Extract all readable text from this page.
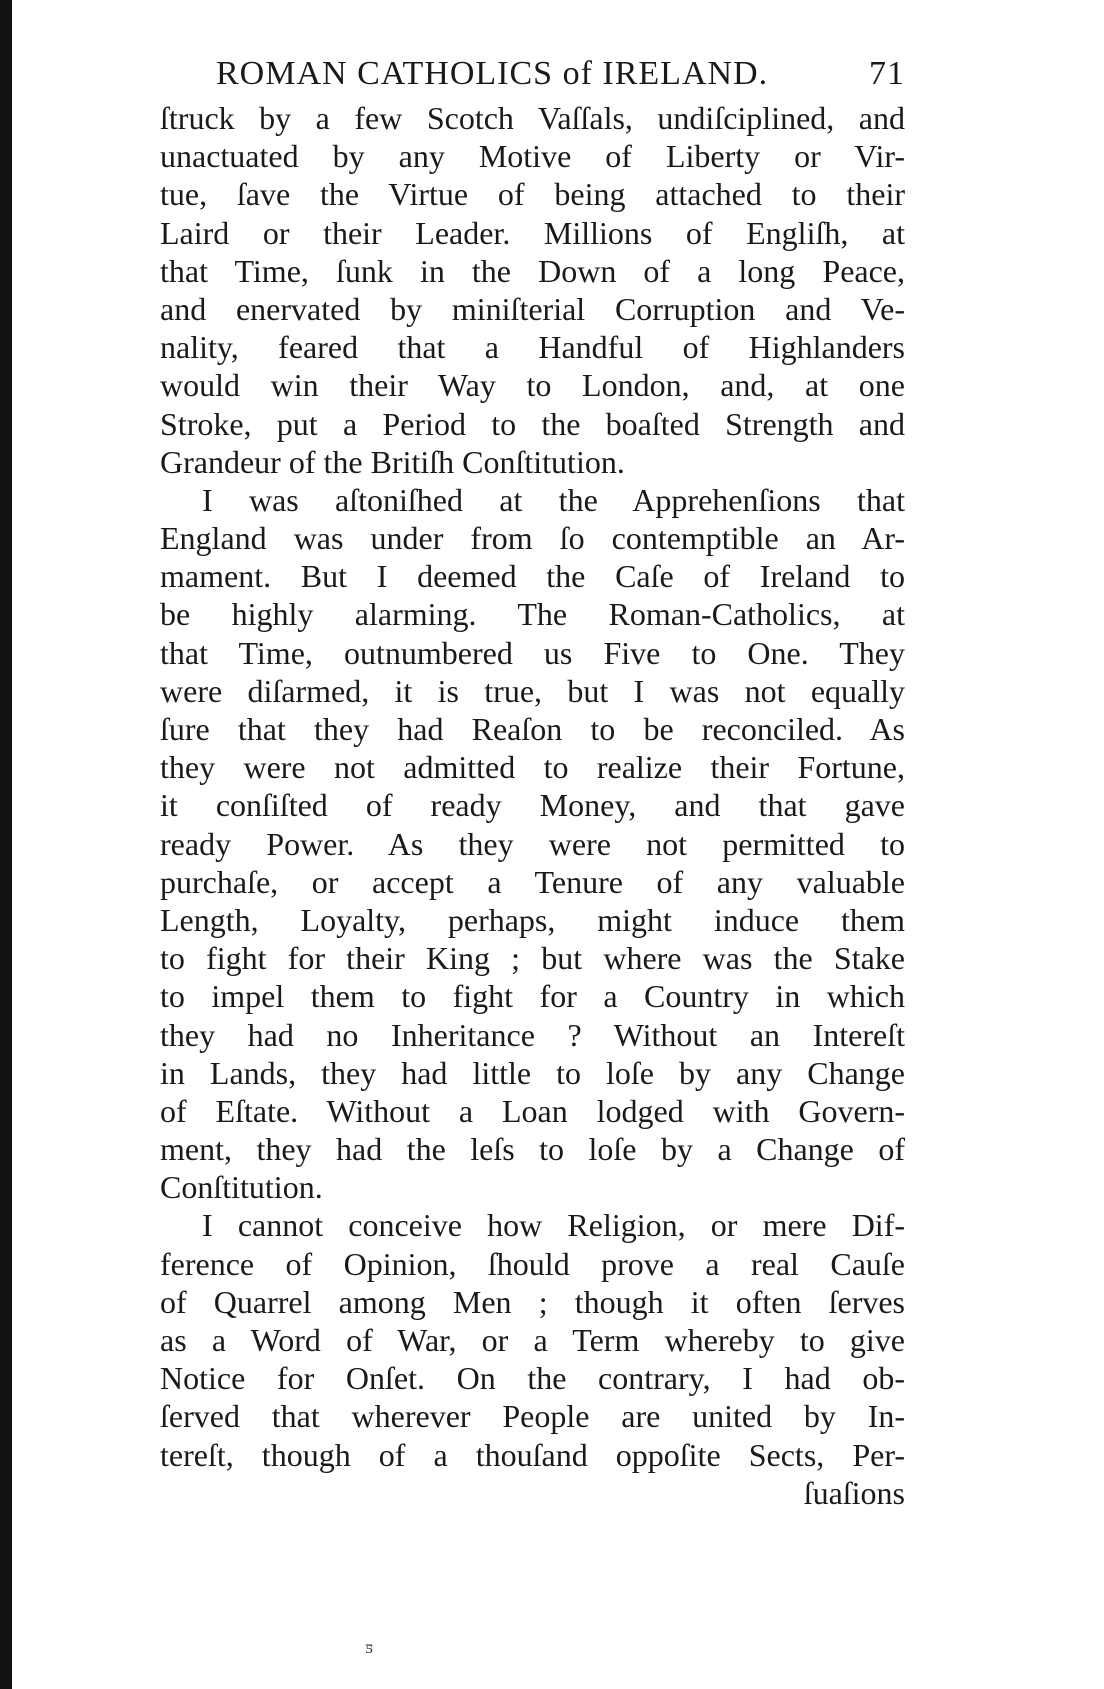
ROMAN CATHOLICS of IRELAND.	71
ſtruck by a few Scotch Vaſſals, undiſciplined, and
unactuated by any Motive of Liberty or Vir-
tue, ſave the Virtue of being attached to their
Laird or their Leader. Millions of Engliſh, at
that Time, ſunk in the Down of a long Peace,
and enervated by miniſterial Corruption and Ve-
nality, feared that a Handful of Highlanders
would win their Way to London, and, at one
Stroke, put a Period to the boaſted Strength and
Grandeur of the Britiſh Conſtitution.
I was aſtoniſhed at the Apprehenſions that
England was under from ſo contemptible an Ar-
mament. But I deemed the Caſe of Ireland to
be highly alarming. The Roman-Catholics, at
that Time, outnumbered us Five to One. They
were diſarmed, it is true, but I was not equally
ſure that they had Reaſon to be reconciled. As
they were not admitted to realize their Fortune,
it conſiſted of ready Money, and that gave
ready Power. As they were not permitted to
purchaſe, or accept a Tenure of any valuable
Length, Loyalty, perhaps, might induce them
to fight for their King ; but where was the Stake
to impel them to fight for a Country in which
they had no Inheritance ? Without an Intereſt
in Lands, they had little to loſe by any Change
of Eſtate. Without a Loan lodged with Govern-
ment, they had the leſs to loſe by a Change of
Conſtitution.
I cannot conceive how Religion, or mere Dif-
ference of Opinion, ſhould prove a real Cauſe
of Quarrel among Men ; though it often ſerves
as a Word of War, or a Term whereby to give
Notice for Onſet. On the contrary, I had ob-
ſerved that wherever People are united by In-
tereſt, though of a thouſand oppoſite Sects, Per-
ſuaſions
ƽ
